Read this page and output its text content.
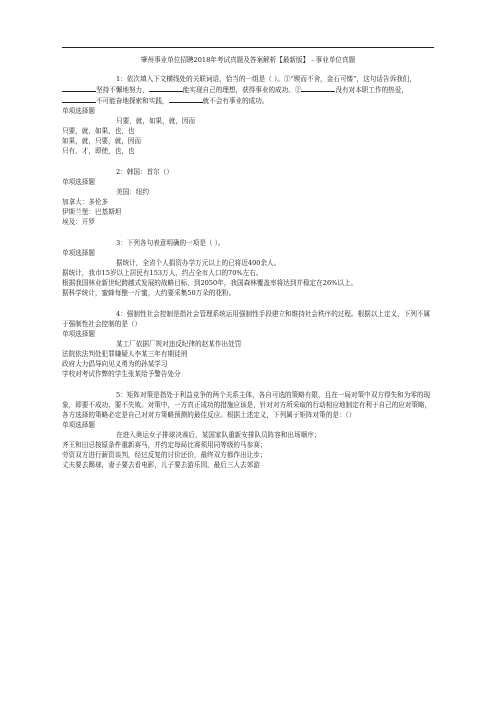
肇州事业单位招聘2018年考试真题及答案解析【最新版】 - 事业单位真题

1：依次填入下文横线处的关联词语，恰当的一组是（ ）。①“锲而不舍，金石可镂”，这句话告诉我们，坚持不懈地努力，	能实现自己的理想，获得事业的成功。②	没有对本职工作的热爱，不可能奋地探索和实践，	就不会有事业的成功。

单项选择题

只要，就，如果，就，因而

只要，就，如果，也，也

如果，就，只要，就，因而

只有，才，即使，也，也

2：韩国：首尔（）

单项选择题

美国：纽约

加拿大：多伦多

伊斯兰堡：巴基斯坦

埃及：开罗

3：下列各句表意明确的一项是（ ）。

单项选择题

据统计，全省个人捐资办学万元以上的已将近400余人。

据统计，我市15岁以上居民有153万人，约占全市人口的70%左右。

根据我国林业新世纪跨越式发展的战略目标，到2050年，我国森林覆盖率将达到并稳定在26%以上。

据科学统计，蜜蜂每酿一斤蜜，大约要采集50万朵的花粉。

4：强制性社会控制是指社会管理系统运用强制性手段建立和维持社会秩序的过程。根据以上定义，下列不属于强制性社会控制的是（）

单项选择题

某工厂依据厂规对违反纪律的赵某作出处罚

法院依法判处犯罪嫌疑人李某三年有期徒刑

政府大力倡导向见义勇为的孙某学习

学校对考试作弊的学生张某给予警告处分

5：矩阵对策是指处于利益竞争的两个关系主体，各自可选的策略有限，且在一局对策中双方得失和为零的现象，即要不成功、要不失败。对策中，一方真正成功的措施应该是，针对对方所采取的行动相应地制定有利于自己的应对策略，各方选择的策略必定是自己对对方策略预测的最佳反应。根据上述定义，下列属于矩阵对策的是：（）

单项选择题

在进入奥运女子排球决赛后，某国家队重新安排队员阵容和出场顺序；

齐王和田忌按原条件重新赛马，并约定每局比赛须用同等级的马参赛；

劳资双方进行薪资谈判，经过反复的讨价还价，最终双方都作出让步；

丈夫要去踢球，妻子要去看电影，儿子要去游乐园，最后三人去郊游
